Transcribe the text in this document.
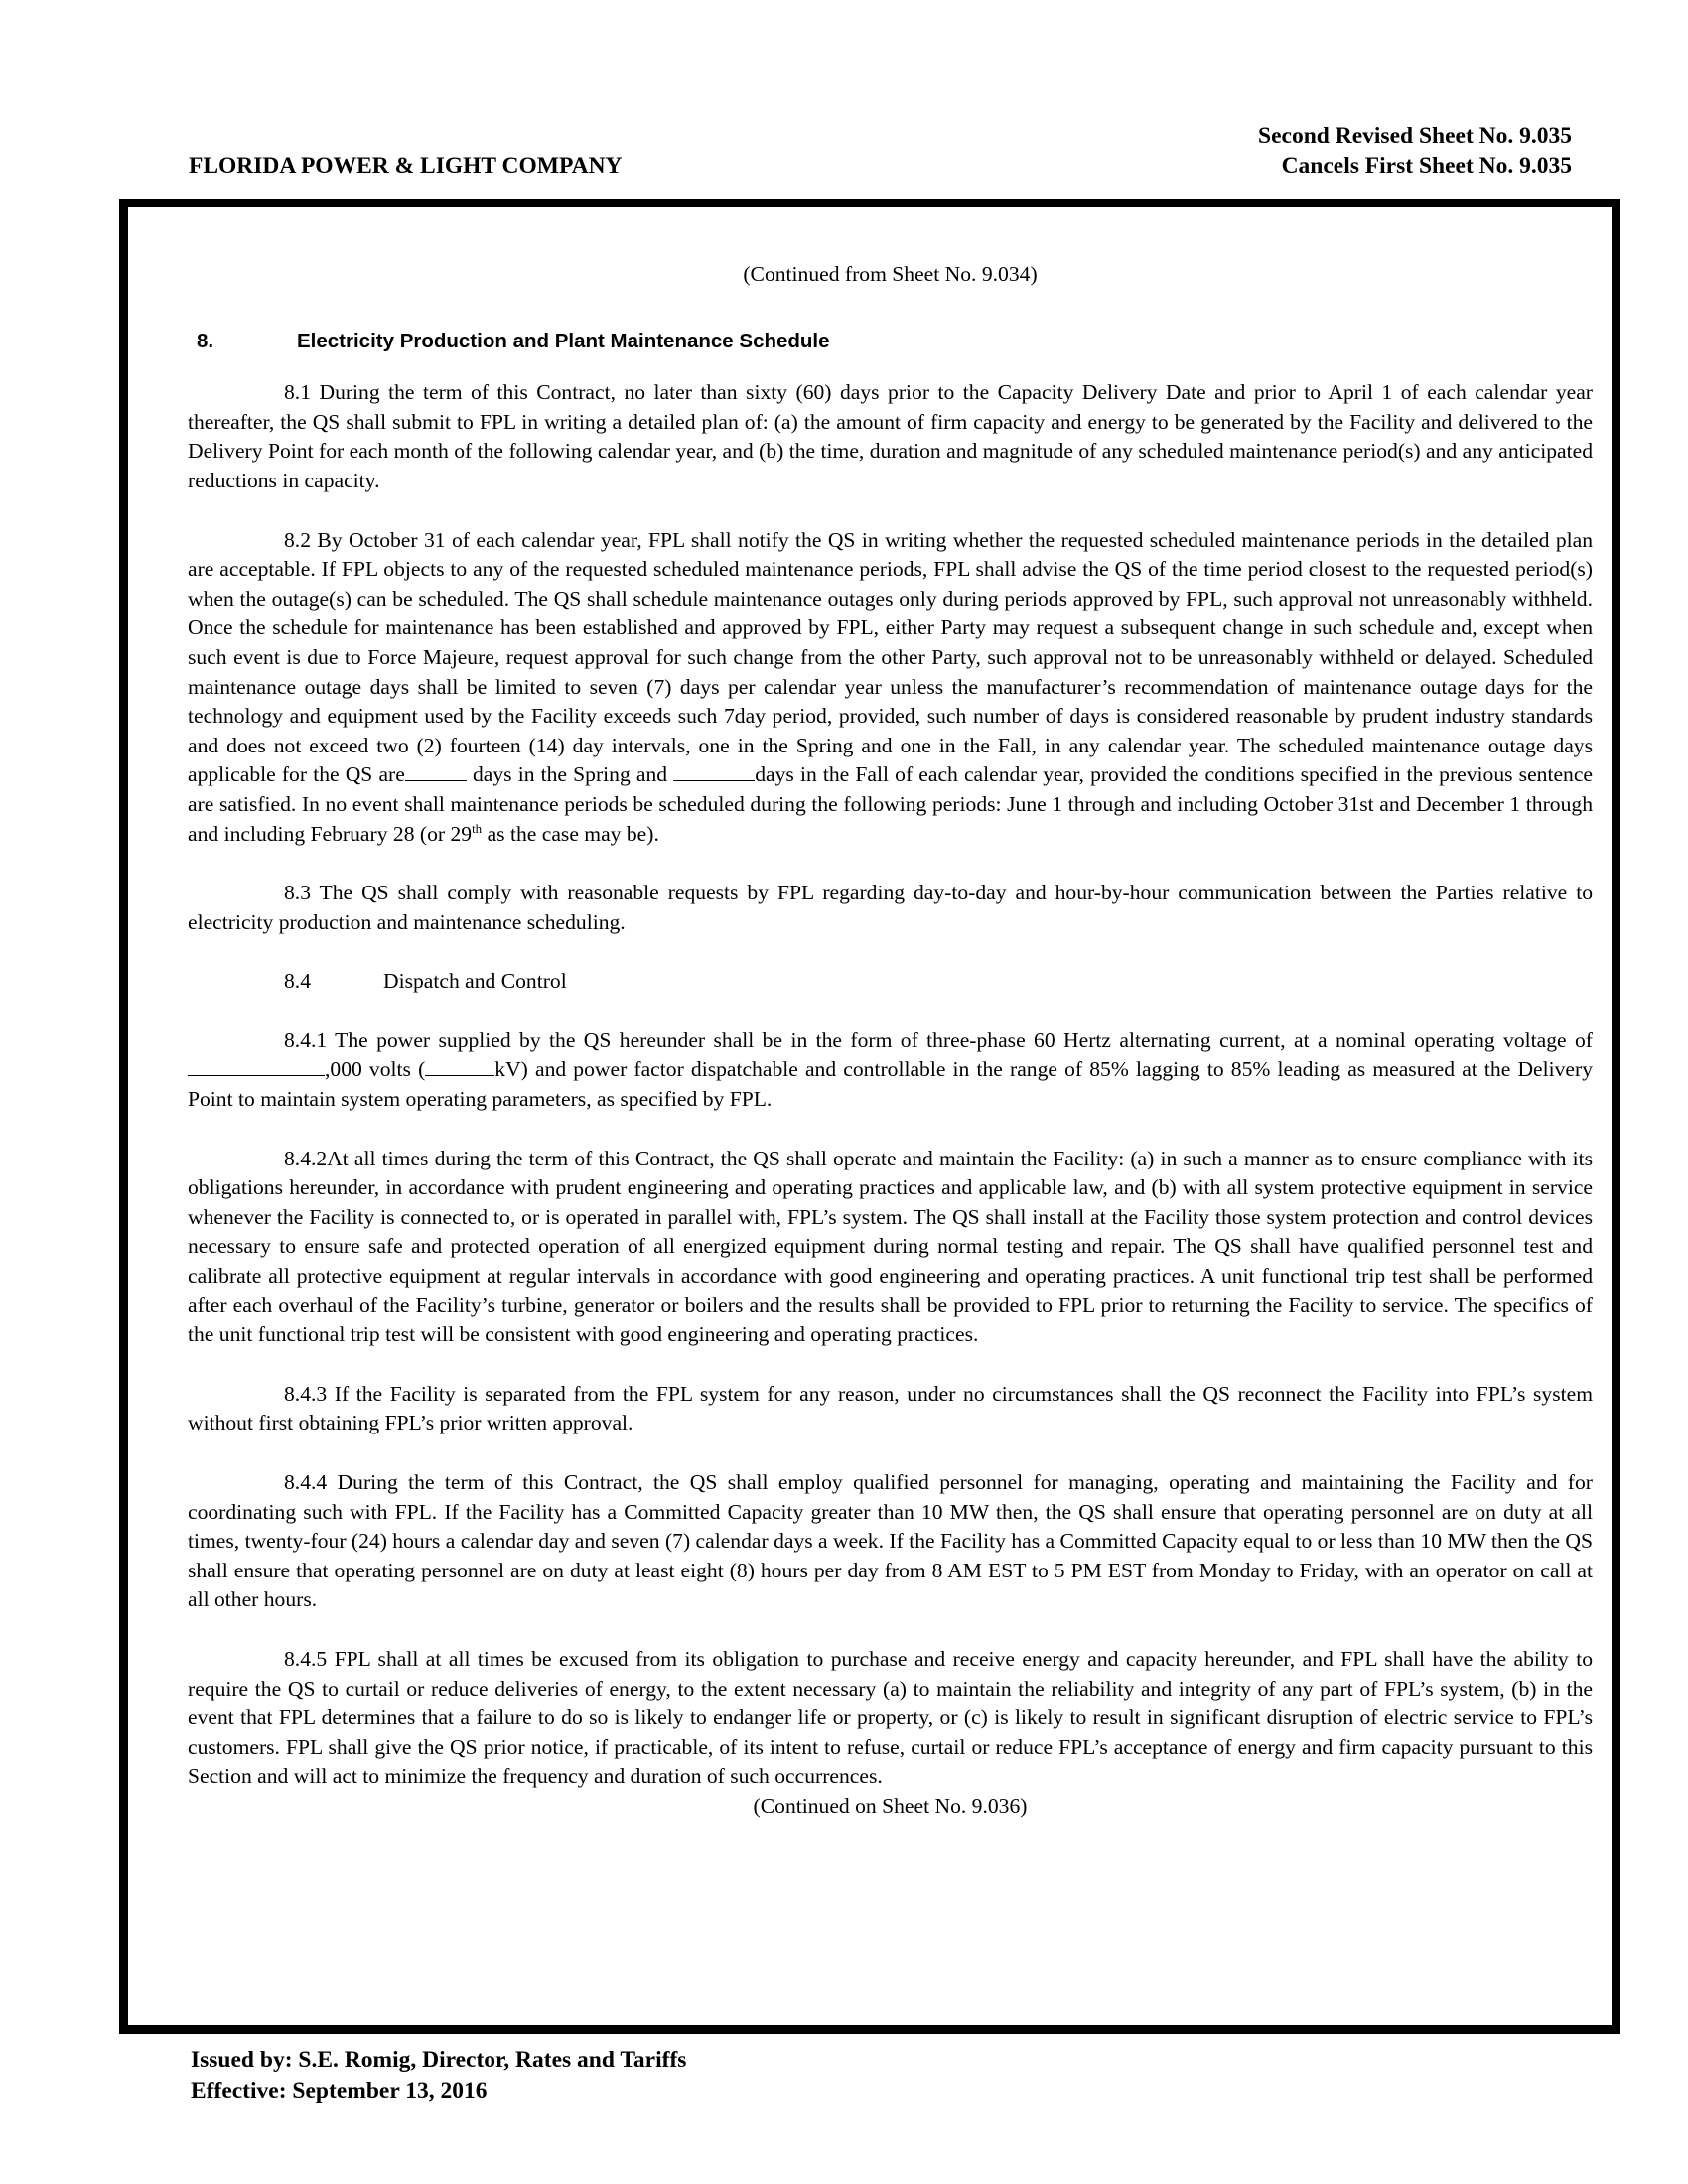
Second Revised Sheet No. 9.035
Cancels First Sheet No. 9.035
FLORIDA POWER & LIGHT COMPANY

(Continued from Sheet No. 9.034)

8.	Electricity Production and Plant Maintenance Schedule

8.1 During the term of this Contract, no later than sixty (60) days prior to the Capacity Delivery Date and prior to April 1 of each calendar year thereafter, the QS shall submit to FPL in writing a detailed plan of: (a) the amount of firm capacity and energy to be generated by the Facility and delivered to the Delivery Point for each month of the following calendar year, and (b) the time, duration and magnitude of any scheduled maintenance period(s) and any anticipated reductions in capacity.

8.2 By October 31 of each calendar year, FPL shall notify the QS in writing whether the requested scheduled maintenance periods in the detailed plan are acceptable. If FPL objects to any of the requested scheduled maintenance periods, FPL shall advise the QS of the time period closest to the requested period(s) when the outage(s) can be scheduled. The QS shall schedule maintenance outages only during periods approved by FPL, such approval not unreasonably withheld. Once the schedule for maintenance has been established and approved by FPL, either Party may request a subsequent change in such schedule and, except when such event is due to Force Majeure, request approval for such change from the other Party, such approval not to be unreasonably withheld or delayed. Scheduled maintenance outage days shall be limited to seven (7) days per calendar year unless the manufacturer’s recommendation of maintenance outage days for the technology and equipment used by the Facility exceeds such 7day period, provided, such number of days is considered reasonable by prudent industry standards and does not exceed two (2) fourteen (14) day intervals, one in the Spring and one in the Fall, in any calendar year. The scheduled maintenance outage days applicable for the QS are	days in the Spring and	days in the Fall of each calendar year, provided the conditions specified in the previous sentence are satisfied. In no event shall maintenance periods be scheduled during the following periods: June 1 through and including October 31st and December 1 through and including February 28 (or 29th as the case may be).

8.3 The QS shall comply with reasonable requests by FPL regarding day-to-day and hour-by-hour communication between the Parties relative to electricity production and maintenance scheduling.

8.4	Dispatch and Control

8.4.1 The power supplied by the QS hereunder shall be in the form of three-phase 60 Hertz alternating current, at a nominal operating voltage of,000 volts (	kV) and power factor dispatchable and controllable in the range of 85% lagging to 85% leading as measured at the Delivery Point to maintain system operating parameters, as specified by FPL.

8.4.2At all times during the term of this Contract, the QS shall operate and maintain the Facility: (a) in such a manner as to ensure compliance with its obligations hereunder, in accordance with prudent engineering and operating practices and applicable law, and (b) with all system protective equipment in service whenever the Facility is connected to, or is operated in parallel with, FPL’s system. The QS shall install at the Facility those system protection and control devices necessary to ensure safe and protected operation of all energized equipment during normal testing and repair. The QS shall have qualified personnel test and calibrate all protective equipment at regular intervals in accordance with good engineering and operating practices. A unit functional trip test shall be performed after each overhaul of the Facility’s turbine, generator or boilers and the results shall be provided to FPL prior to returning the Facility to service. The specifics of the unit functional trip test will be consistent with good engineering and operating practices.

8.4.3 If the Facility is separated from the FPL system for any reason, under no circumstances shall the QS reconnect the Facility into FPL’s system without first obtaining FPL’s prior written approval.

8.4.4 During the term of this Contract, the QS shall employ qualified personnel for managing, operating and maintaining the Facility and for coordinating such with FPL. If the Facility has a Committed Capacity greater than 10 MW then, the QS shall ensure that operating personnel are on duty at all times, twenty-four (24) hours a calendar day and seven (7) calendar days a week. If the Facility has a Committed Capacity equal to or less than 10 MW then the QS shall ensure that operating personnel are on duty at least eight (8) hours per day from 8 AM EST to 5 PM EST from Monday to Friday, with an operator on call at all other hours.

8.4.5 FPL shall at all times be excused from its obligation to purchase and receive energy and capacity hereunder, and FPL shall have the ability to require the QS to curtail or reduce deliveries of energy, to the extent necessary (a) to maintain the reliability and integrity of any part of FPL’s system, (b) in the event that FPL determines that a failure to do so is likely to endanger life or property, or (c) is likely to result in significant disruption of electric service to FPL’s customers. FPL shall give the QS prior notice, if practicable, of its intent to refuse, curtail or reduce FPL’s acceptance of energy and firm capacity pursuant to this Section and will act to minimize the frequency and duration of such occurrences.

(Continued on Sheet No. 9.036)

Issued by: S.E. Romig, Director, Rates and Tariffs
Effective: September 13, 2016
